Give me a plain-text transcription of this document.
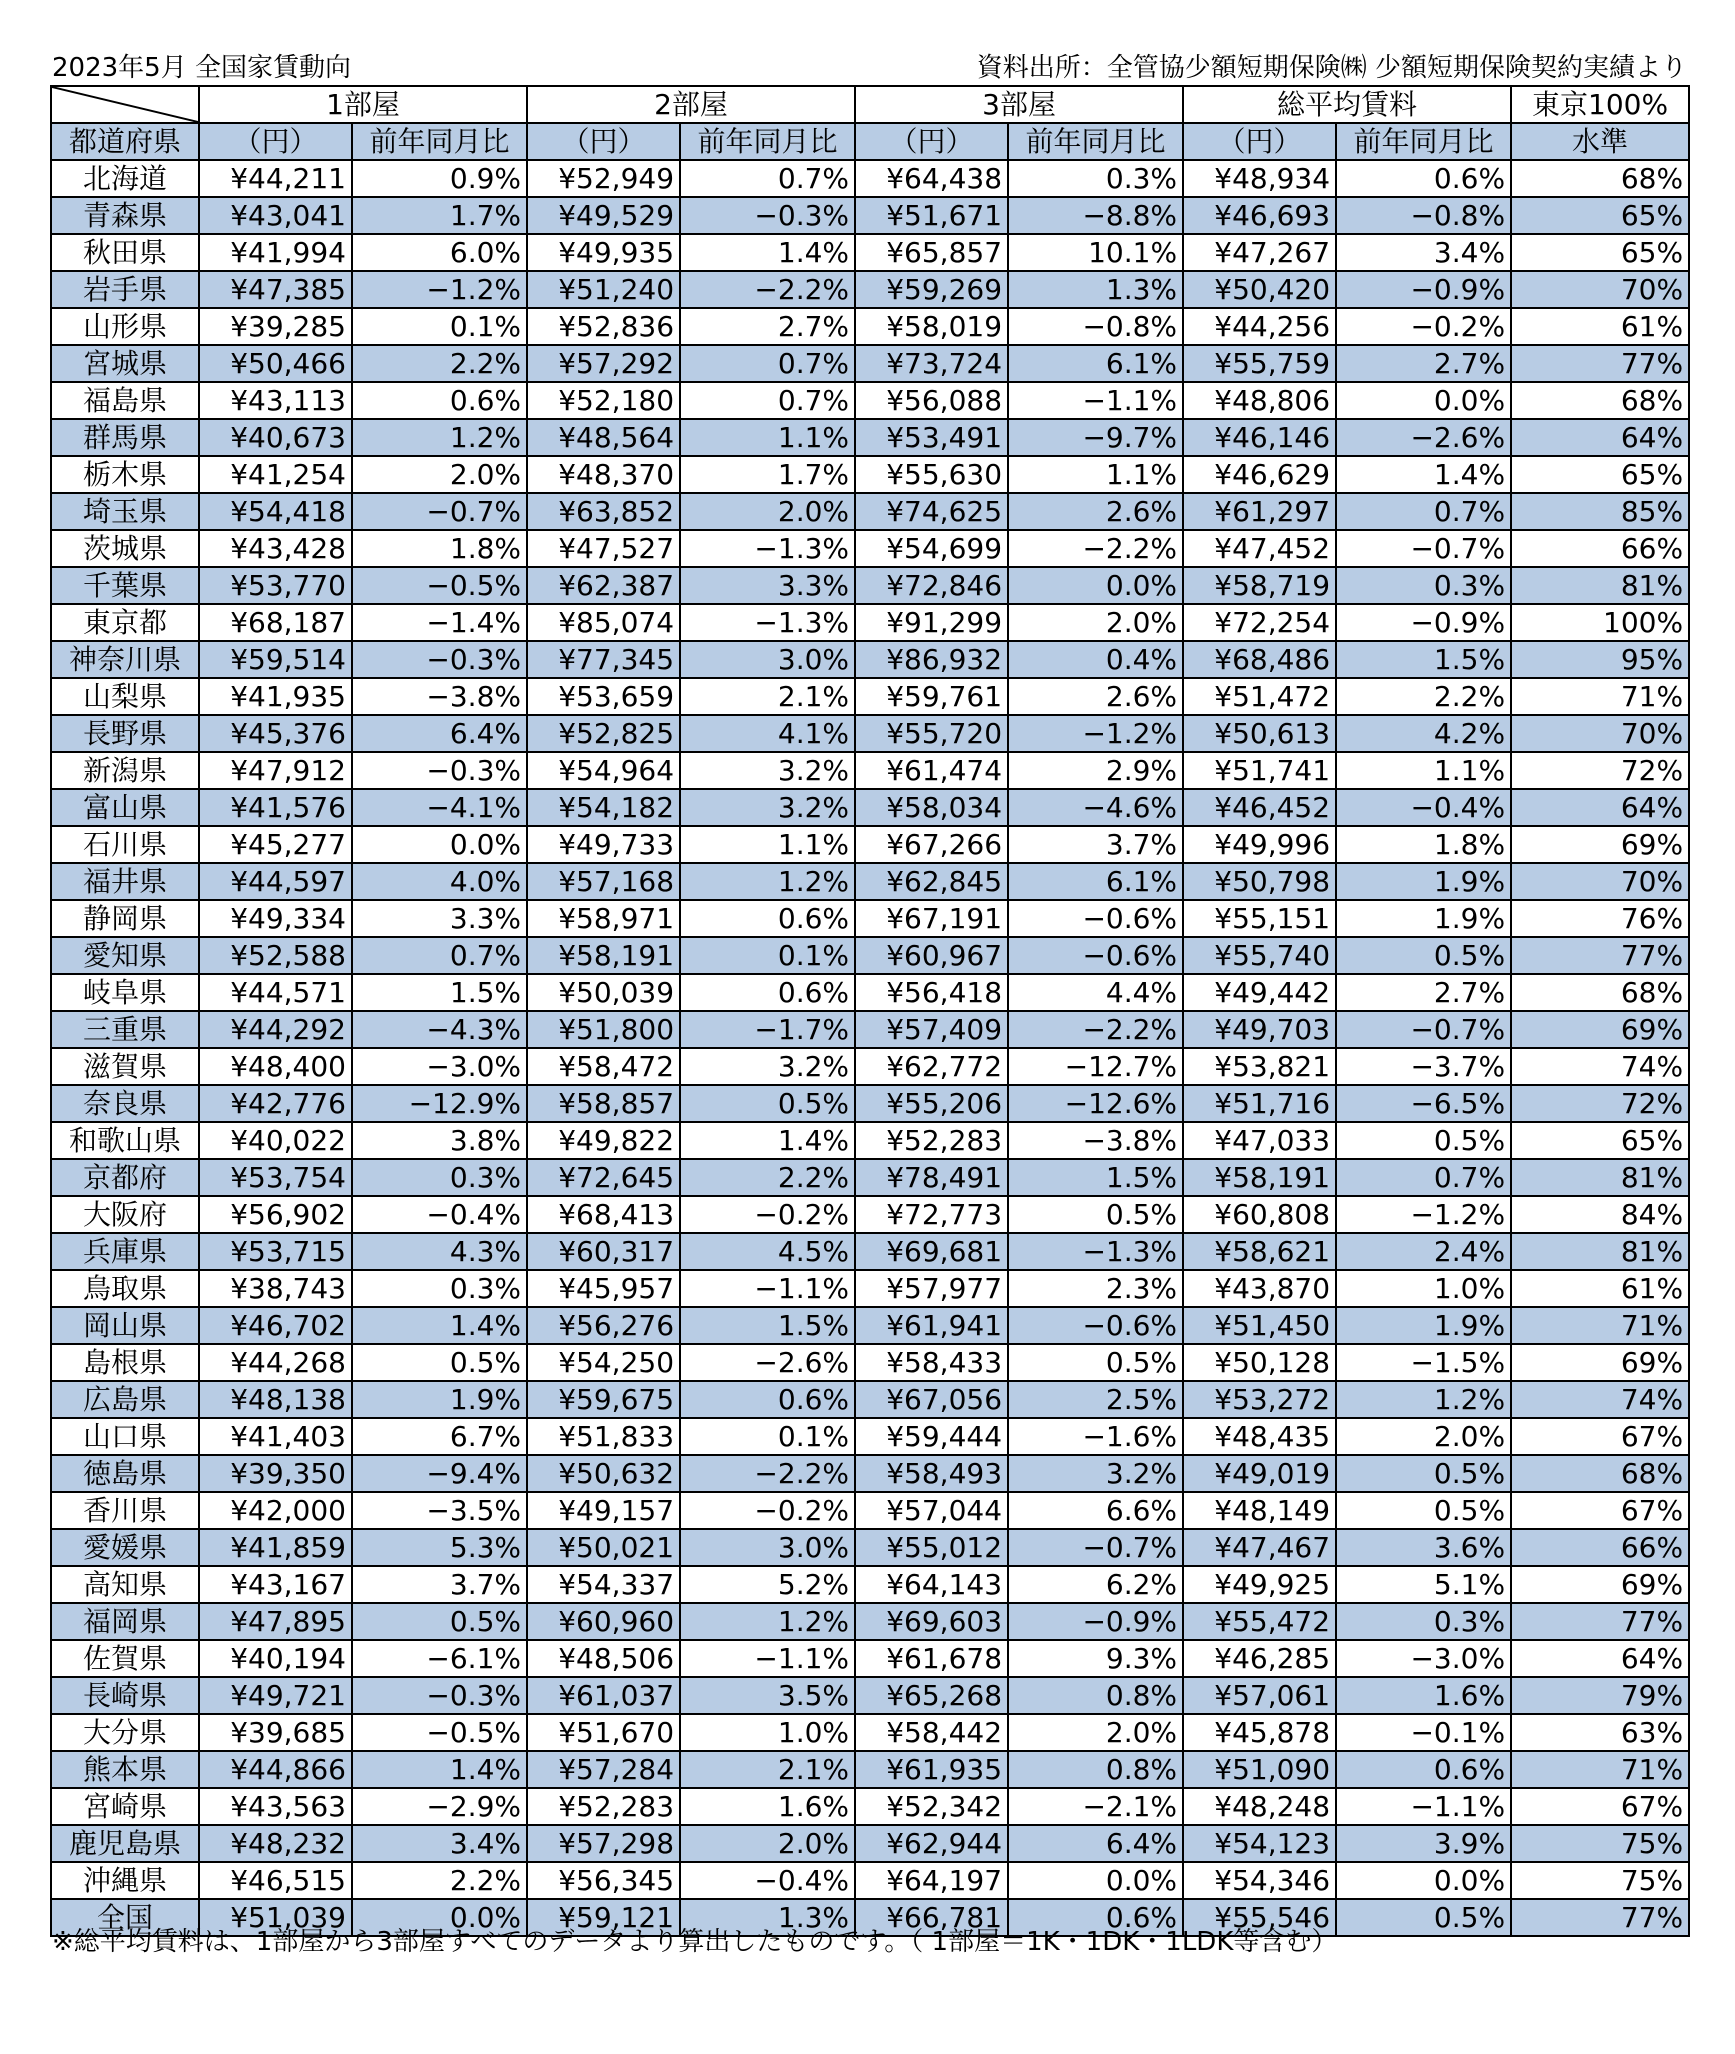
2023年5月 全国家賃動向	資料出所：全管協少額短期保険㈱ 少額短期保険契約実績より
	1部屋		2部屋		3部屋		総平均賃料		東京100%
都道府県	（円）	前年同月比	（円）	前年同月比	（円）	前年同月比	（円）	前年同月比	水準
北海道	¥44,211	0.9%	¥52,949	0.7%	¥64,438	0.3%	¥48,934	0.6%	68%
青森県	¥43,041	1.7%	¥49,529	−0.3%	¥51,671	−8.8%	¥46,693	−0.8%	65%
秋田県	¥41,994	6.0%	¥49,935	1.4%	¥65,857	10.1%	¥47,267	3.4%	65%
岩手県	¥47,385	−1.2%	¥51,240	−2.2%	¥59,269	1.3%	¥50,420	−0.9%	70%
山形県	¥39,285	0.1%	¥52,836	2.7%	¥58,019	−0.8%	¥44,256	−0.2%	61%
宮城県	¥50,466	2.2%	¥57,292	0.7%	¥73,724	6.1%	¥55,759	2.7%	77%
福島県	¥43,113	0.6%	¥52,180	0.7%	¥56,088	−1.1%	¥48,806	0.0%	68%
群馬県	¥40,673	1.2%	¥48,564	1.1%	¥53,491	−9.7%	¥46,146	−2.6%	64%
栃木県	¥41,254	2.0%	¥48,370	1.7%	¥55,630	1.1%	¥46,629	1.4%	65%
埼玉県	¥54,418	−0.7%	¥63,852	2.0%	¥74,625	2.6%	¥61,297	0.7%	85%
茨城県	¥43,428	1.8%	¥47,527	−1.3%	¥54,699	−2.2%	¥47,452	−0.7%	66%
千葉県	¥53,770	−0.5%	¥62,387	3.3%	¥72,846	0.0%	¥58,719	0.3%	81%
東京都	¥68,187	−1.4%	¥85,074	−1.3%	¥91,299	2.0%	¥72,254	−0.9%	100%
神奈川県	¥59,514	−0.3%	¥77,345	3.0%	¥86,932	0.4%	¥68,486	1.5%	95%
山梨県	¥41,935	−3.8%	¥53,659	2.1%	¥59,761	2.6%	¥51,472	2.2%	71%
長野県	¥45,376	6.4%	¥52,825	4.1%	¥55,720	−1.2%	¥50,613	4.2%	70%
新潟県	¥47,912	−0.3%	¥54,964	3.2%	¥61,474	2.9%	¥51,741	1.1%	72%
富山県	¥41,576	−4.1%	¥54,182	3.2%	¥58,034	−4.6%	¥46,452	−0.4%	64%
石川県	¥45,277	0.0%	¥49,733	1.1%	¥67,266	3.7%	¥49,996	1.8%	69%
福井県	¥44,597	4.0%	¥57,168	1.2%	¥62,845	6.1%	¥50,798	1.9%	70%
静岡県	¥49,334	3.3%	¥58,971	0.6%	¥67,191	−0.6%	¥55,151	1.9%	76%
愛知県	¥52,588	0.7%	¥58,191	0.1%	¥60,967	−0.6%	¥55,740	0.5%	77%
岐阜県	¥44,571	1.5%	¥50,039	0.6%	¥56,418	4.4%	¥49,442	2.7%	68%
三重県	¥44,292	−4.3%	¥51,800	−1.7%	¥57,409	−2.2%	¥49,703	−0.7%	69%
滋賀県	¥48,400	−3.0%	¥58,472	3.2%	¥62,772	−12.7%	¥53,821	−3.7%	74%
奈良県	¥42,776	−12.9%	¥58,857	0.5%	¥55,206	−12.6%	¥51,716	−6.5%	72%
和歌山県	¥40,022	3.8%	¥49,822	1.4%	¥52,283	−3.8%	¥47,033	0.5%	65%
京都府	¥53,754	0.3%	¥72,645	2.2%	¥78,491	1.5%	¥58,191	0.7%	81%
大阪府	¥56,902	−0.4%	¥68,413	−0.2%	¥72,773	0.5%	¥60,808	−1.2%	84%
兵庫県	¥53,715	4.3%	¥60,317	4.5%	¥69,681	−1.3%	¥58,621	2.4%	81%
鳥取県	¥38,743	0.3%	¥45,957	−1.1%	¥57,977	2.3%	¥43,870	1.0%	61%
岡山県	¥46,702	1.4%	¥56,276	1.5%	¥61,941	−0.6%	¥51,450	1.9%	71%
島根県	¥44,268	0.5%	¥54,250	−2.6%	¥58,433	0.5%	¥50,128	−1.5%	69%
広島県	¥48,138	1.9%	¥59,675	0.6%	¥67,056	2.5%	¥53,272	1.2%	74%
山口県	¥41,403	6.7%	¥51,833	0.1%	¥59,444	−1.6%	¥48,435	2.0%	67%
徳島県	¥39,350	−9.4%	¥50,632	−2.2%	¥58,493	3.2%	¥49,019	0.5%	68%
香川県	¥42,000	−3.5%	¥49,157	−0.2%	¥57,044	6.6%	¥48,149	0.5%	67%
愛媛県	¥41,859	5.3%	¥50,021	3.0%	¥55,012	−0.7%	¥47,467	3.6%	66%
高知県	¥43,167	3.7%	¥54,337	5.2%	¥64,143	6.2%	¥49,925	5.1%	69%
福岡県	¥47,895	0.5%	¥60,960	1.2%	¥69,603	−0.9%	¥55,472	0.3%	77%
佐賀県	¥40,194	−6.1%	¥48,506	−1.1%	¥61,678	9.3%	¥46,285	−3.0%	64%
長崎県	¥49,721	−0.3%	¥61,037	3.5%	¥65,268	0.8%	¥57,061	1.6%	79%
大分県	¥39,685	−0.5%	¥51,670	1.0%	¥58,442	2.0%	¥45,878	−0.1%	63%
熊本県	¥44,866	1.4%	¥57,284	2.1%	¥61,935	0.8%	¥51,090	0.6%	71%
宮崎県	¥43,563	−2.9%	¥52,283	1.6%	¥52,342	−2.1%	¥48,248	−1.1%	67%
鹿児島県	¥48,232	3.4%	¥57,298	2.0%	¥62,944	6.4%	¥54,123	3.9%	75%
沖縄県	¥46,515	2.2%	¥56,345	−0.4%	¥64,197	0.0%	¥54,346	0.0%	75%
全国	¥51,039	0.0%	¥59,121	1.3%	¥66,781	0.6%	¥55,546	0.5%	77%
※総平均賃料は、1部屋から3部屋すべてのデータより算出したものです。（ 1部屋＝1K・1DK・1LDK等含む）
